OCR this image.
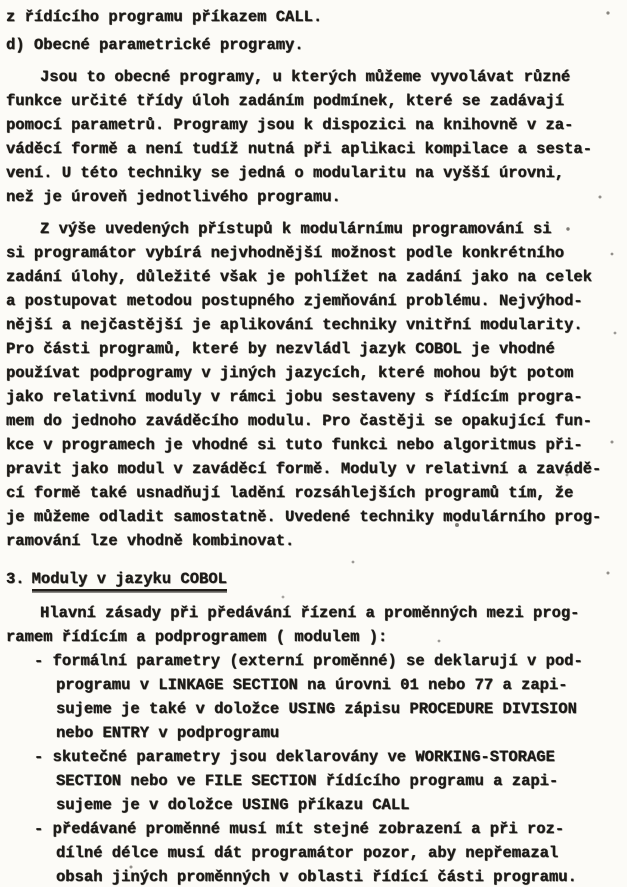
z řídícího programu příkazem CALL.
d) Obecné parametrické programy.
Jsou to obecné programy, u kterých můžeme vyvolávat různé
funkce určité třídy úloh zadáním podmínek, které se zadávají
pomocí parametrů. Programy jsou k dispozici na knihovně v za-
váděcí formě a není tudíž nutná při aplikaci kompilace a sesta-
vení. U této techniky se jedná o modularitu na vyšší úrovni,
než je úroveň jednotlivého programu.
Z výše uvedených přístupů k modulárnímu programování si
si programátor vybírá nejvhodnější možnost podle konkrétního
zadání úlohy, důležité však je pohlížet na zadání jako na celek
a postupovat metodou postupného zjemňování problému. Nejvýhod-
nější a nejčastější je aplikování techniky vnitřní modularity.
Pro části programů, které by nezvládl jazyk COBOL je vhodné
používat podprogramy v jiných jazycích, které mohou být potom
jako relativní moduly v rámci jobu sestaveny s řídícím progra-
mem do jednoho zaváděcího modulu. Pro častěji se opakující fun-
kce v programech je vhodné si tuto funkci nebo algoritmus při-
pravit jako modul v zaváděcí formě. Moduly v relativní a zavádě-
cí formě také usnadňují ladění rozsáhlejších programů tím, že
je můžeme odladit samostatně. Uvedené techniky modulárního prog-
ramování lze vhodně kombinovat.
3. Moduly v jazyku COBOL
Hlavní zásady při předávání řízení a proměnných mezi prog-
ramem řídícím a podprogramem ( modulem ):
- formální parametry (externí proměnné) se deklarují v pod-
programu v LINKAGE SECTION na úrovni 01 nebo 77 a zapi-
sujeme je také v doložce USING zápisu PROCEDURE DIVISION
nebo ENTRY v podprogramu
- skutečné parametry jsou deklarovány ve WORKING-STORAGE
SECTION nebo ve FILE SECTION řídícího programu a zapi-
sujeme je v doložce USING příkazu CALL
- předávané proměnné musí mít stejné zobrazení a při roz-
dílné délce musí dát programátor pozor, aby nepřemazal
obsah jiných proměnných v oblasti řídící části programu.
